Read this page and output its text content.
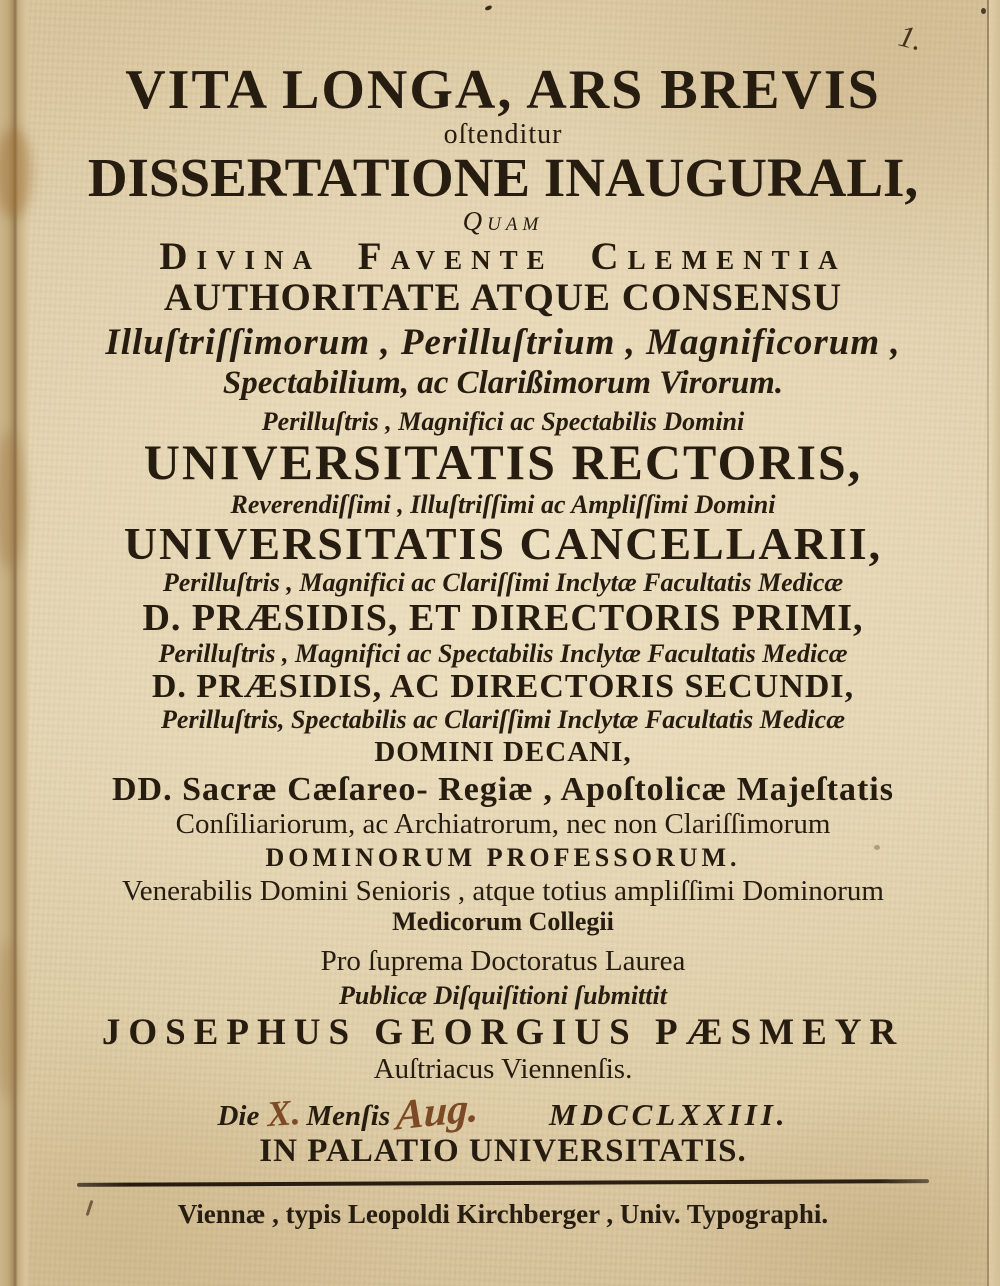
1.
VITA LONGA, ARS BREVIS
oſtenditur
DISSERTATIONE INAUGURALI,
Quam
Divina Favente Clementia
AUTHORITATE ATQUE CONSENSU
Illuſtriſſimorum , Perilluſtrium , Magnificorum ,
Spectabilium, ac Clarißimorum Virorum.
Perilluſtris , Magnifici ac Spectabilis Domini
UNIVERSITATIS RECTORIS,
Reverendiſſimi , Illuſtriſſimi ac Ampliſſimi Domini
UNIVERSITATIS CANCELLARII,
Perilluſtris , Magnifici ac Clariſſimi Inclytæ Facultatis Medicæ
D. PRÆSIDIS, ET DIRECTORIS PRIMI,
Perilluſtris , Magnifici ac Spectabilis Inclytæ Facultatis Medicæ
D. PRÆSIDIS, AC DIRECTORIS SECUNDI,
Perilluſtris, Spectabilis ac Clariſſimi Inclytæ Facultatis Medicæ
DOMINI DECANI,
DD. Sacræ Cæſareo- Regiæ , Apoſtolicæ Majeſtatis
Conſiliariorum, ac Archiatrorum, nec non Clariſſimorum
DOMINORUM PROFESSORUM.
Venerabilis Domini Senioris , atque totius ampliſſimi Dominorum
Medicorum Collegii
Pro ſuprema Doctoratus Laurea
Publicæ Diſquiſitioni ſubmittit
JOSEPHUS GEORGIUS PÆSMEYR
Auſtriacus Viennenſis.
Die X. Menſis Aug. MDCCLXXIII.
IN PALATIO UNIVERSITATIS.
Viennæ , typis Leopoldi Kirchberger , Univ. Typographi.
